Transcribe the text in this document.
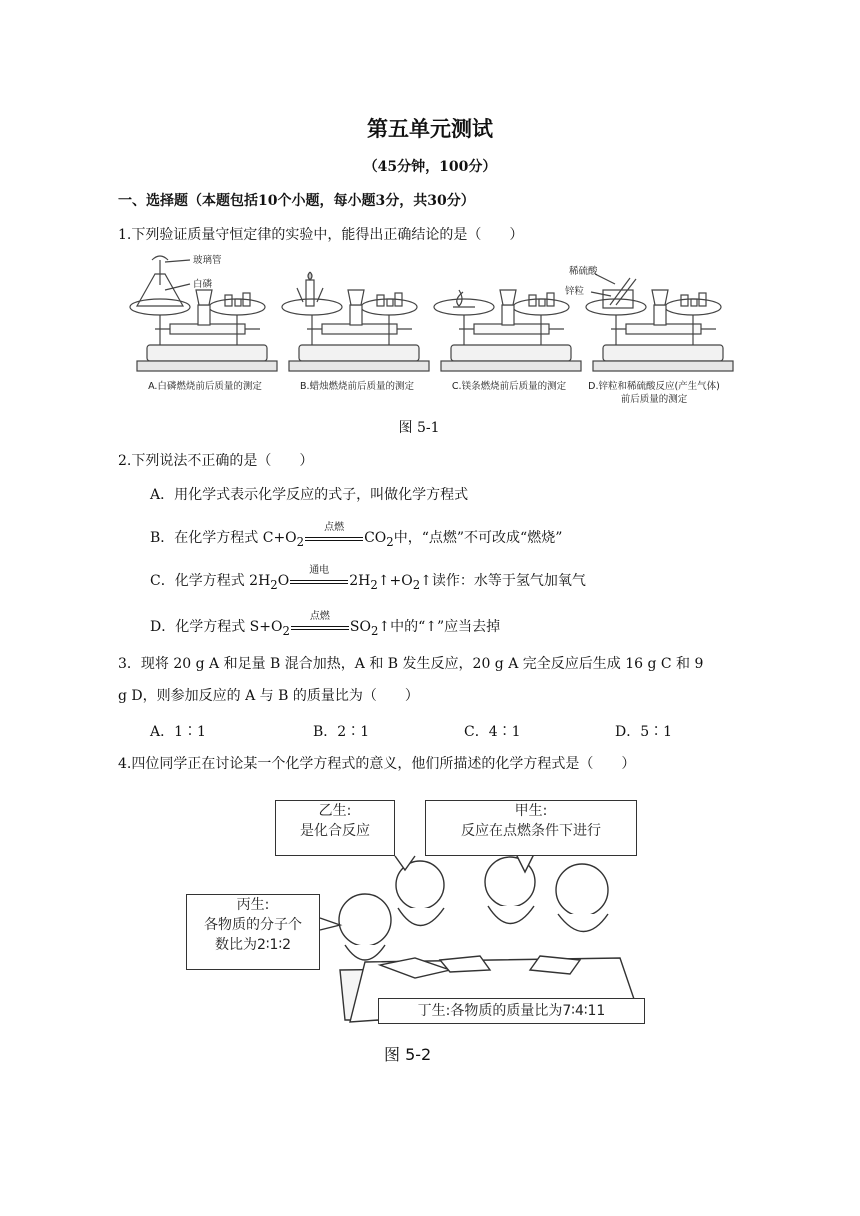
第五单元测试
（45分钟，100分）
一、选择题（本题包括10个小题，每小题3分，共30分）
1.下列验证质量守恒定律的实验中，能得出正确结论的是（　　）
玻璃管
白磷
稀硫酸
锌粒
A.白磷燃烧前后质量的测定	B.蜡烛燃烧前后质量的测定	C.镁条燃烧前后质量的测定	D.锌粒和稀硫酸反应(产生气体)
前后质量的测定
图 5-1
2.下列说法不正确的是（　　）
A．用化学式表示化学反应的式子，叫做化学方程式
B．在化学方程式 $C+O_2$
点燃
$CO_2$中，“点燃”不可改成“燃烧”
C．化学方程式 $2H_2O$
通电
$2H_2↑+O_2↑$读作：水等于氢气加氧气
D．化学方程式 $S+O_2$
点燃
$SO_2↑$中的“↑”应当去掉
3．现将 20 g A 和足量 B 混合加热，A 和 B 发生反应，20 g A 完全反应后生成 16 g C 和 9
g D，则参加反应的 A 与 B 的质量比为（　　）
A．1∶1	B．2∶1	C．4∶1	D．5∶1
4.四位同学正在讨论某一个化学方程式的意义，他们所描述的化学方程式是（　　）
乙生:
是化合反应
甲生:
反应在点燃条件下进行
丙生:
各物质的分子个
数比为2∶1∶2
丁生:各物质的质量比为7∶4∶11
图 5-2
